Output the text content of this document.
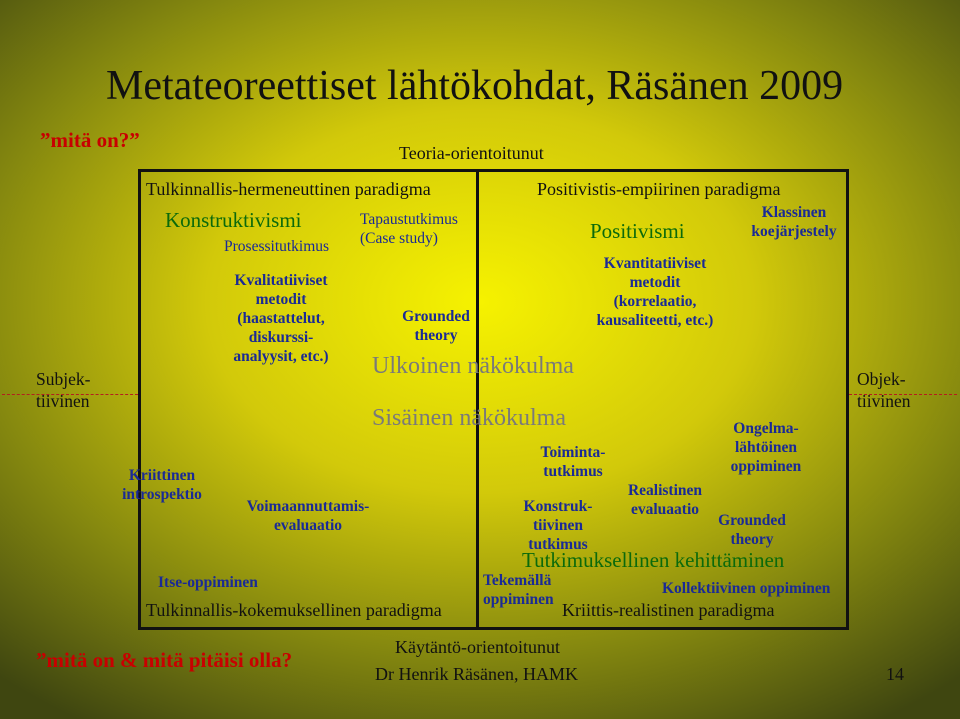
Metateoreettiset lähtökohdat, Räsänen 2009
”mitä on?”
Teoria-orientoitunut
Subjek-
tiivinen
Objek-
tiivinen
Tulkinnallis-hermeneuttinen paradigma	Positivistis-empiirinen paradigma
Tulkinnallis-kokemuksellinen paradigma	Kriittis-realistinen paradigma
Konstruktivismi
Prosessitutkimus
Tapaustutkimus
(Case study)
Kvalitatiiviset
metodit
(haastattelut,
diskurssi-
analyysit, etc.)
Grounded
theory
Positivismi
Klassinen
koejärjestely
Kvantitatiiviset
metodit
(korrelaatio,
kausaliteetti, etc.)
Ulkoinen näkökulma
Sisäinen näkökulma
Kriittinen
introspektio
Voimaannuttamis-
evaluaatio
Itse-oppiminen
Toiminta-
tutkimus
Konstruk-
tiivinen
tutkimus
Realistinen
evaluaatio
Ongelma-
lähtöinen
oppiminen
Grounded
theory
Tutkimuksellinen kehittäminen
Tekemällä
oppiminen
Kollektiivinen oppiminen
Käytäntö-orientoitunut
”mitä on & mitä pitäisi olla?
Dr Henrik Räsänen, HAMK	14
